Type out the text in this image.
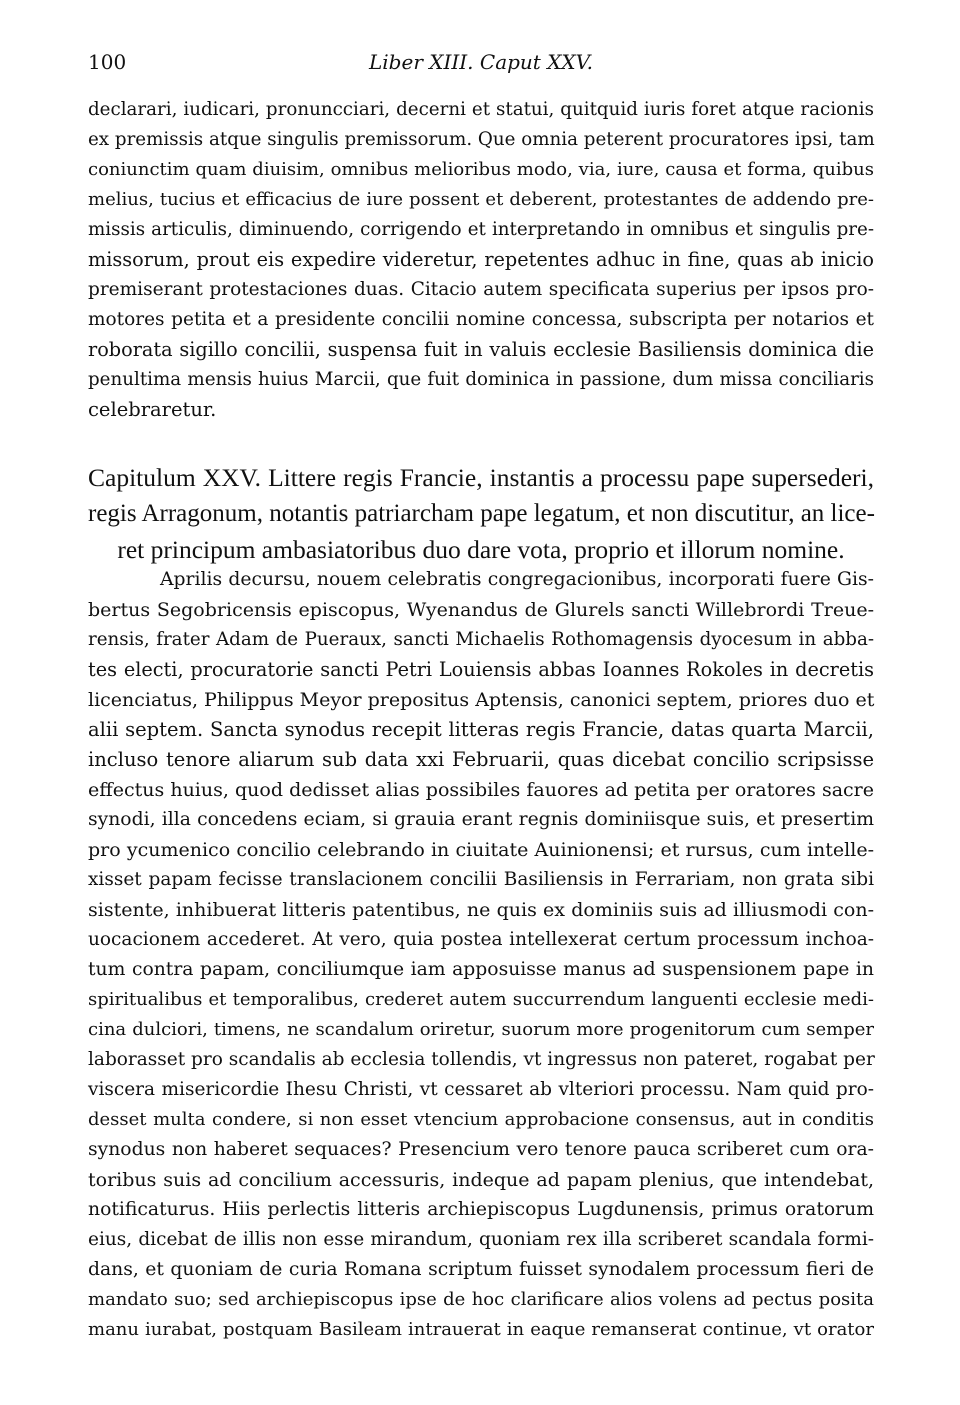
100	Liber XIII. Caput XXV.
declarari, iudicari, pronuncciari, decerni et statui, quitquid iuris foret atque racionis
ex premissis atque singulis premissorum. Que omnia peterent procuratores ipsi, tam
coniunctim quam diuisim, omnibus melioribus modo, via, iure, causa et forma, quibus
melius, tucius et efficacius de iure possent et deberent, protestantes de addendo pre-
missis articulis, diminuendo, corrigendo et interpretando in omnibus et singulis pre-
missorum, prout eis expedire videretur, repetentes adhuc in fine, quas ab inicio
premiserant protestaciones duas. Citacio autem specificata superius per ipsos pro-
motores petita et a presidente concilii nomine concessa, subscripta per notarios et
roborata sigillo concilii, suspensa fuit in valuis ecclesie Basiliensis dominica die
penultima mensis huius Marcii, que fuit dominica in passione, dum missa conciliaris
celebraretur.
Capitulum XXV. Littere regis Francie, instantis a processu pape supersederi,
regis Arragonum, notantis patriarcham pape legatum, et non discutitur, an lice-
ret principum ambasiatoribus duo dare vota, proprio et illorum nomine.
Aprilis decursu, nouem celebratis congregacionibus, incorporati fuere Gis-
bertus Segobricensis episcopus, Wyenandus de Glurels sancti Willebrordi Treue-
rensis, frater Adam de Pueraux, sancti Michaelis Rothomagensis dyocesum in abba-
tes electi, procuratorie sancti Petri Louiensis abbas Ioannes Rokoles in decretis
licenciatus, Philippus Meyor prepositus Aptensis, canonici septem, priores duo et
alii septem. Sancta synodus recepit litteras regis Francie, datas quarta Marcii,
incluso tenore aliarum sub data xxi Februarii, quas dicebat concilio scripsisse
effectus huius, quod dedisset alias possibiles fauores ad petita per oratores sacre
synodi, illa concedens eciam, si grauia erant regnis dominiisque suis, et presertim
pro ycumenico concilio celebrando in ciuitate Auinionensi; et rursus, cum intelle-
xisset papam fecisse translacionem concilii Basiliensis in Ferrariam, non grata sibi
sistente, inhibuerat litteris patentibus, ne quis ex dominiis suis ad illiusmodi con-
uocacionem accederet. At vero, quia postea intellexerat certum processum inchoa-
tum contra papam, conciliumque iam apposuisse manus ad suspensionem pape in
spiritualibus et temporalibus, crederet autem succurrendum languenti ecclesie medi-
cina dulciori, timens, ne scandalum oriretur, suorum more progenitorum cum semper
laborasset pro scandalis ab ecclesia tollendis, vt ingressus non pateret, rogabat per
viscera misericordie Ihesu Christi, vt cessaret ab vlteriori processu. Nam quid pro-
desset multa condere, si non esset vtencium approbacione consensus, aut in conditis
synodus non haberet sequaces? Presencium vero tenore pauca scriberet cum ora-
toribus suis ad concilium accessuris, indeque ad papam plenius, que intendebat,
notificaturus. Hiis perlectis litteris archiepiscopus Lugdunensis, primus oratorum
eius, dicebat de illis non esse mirandum, quoniam rex illa scriberet scandala formi-
dans, et quoniam de curia Romana scriptum fuisset synodalem processum fieri de
mandato suo; sed archiepiscopus ipse de hoc clarificare alios volens ad pectus posita
manu iurabat, postquam Basileam intrauerat in eaque remanserat continue, vt orator
